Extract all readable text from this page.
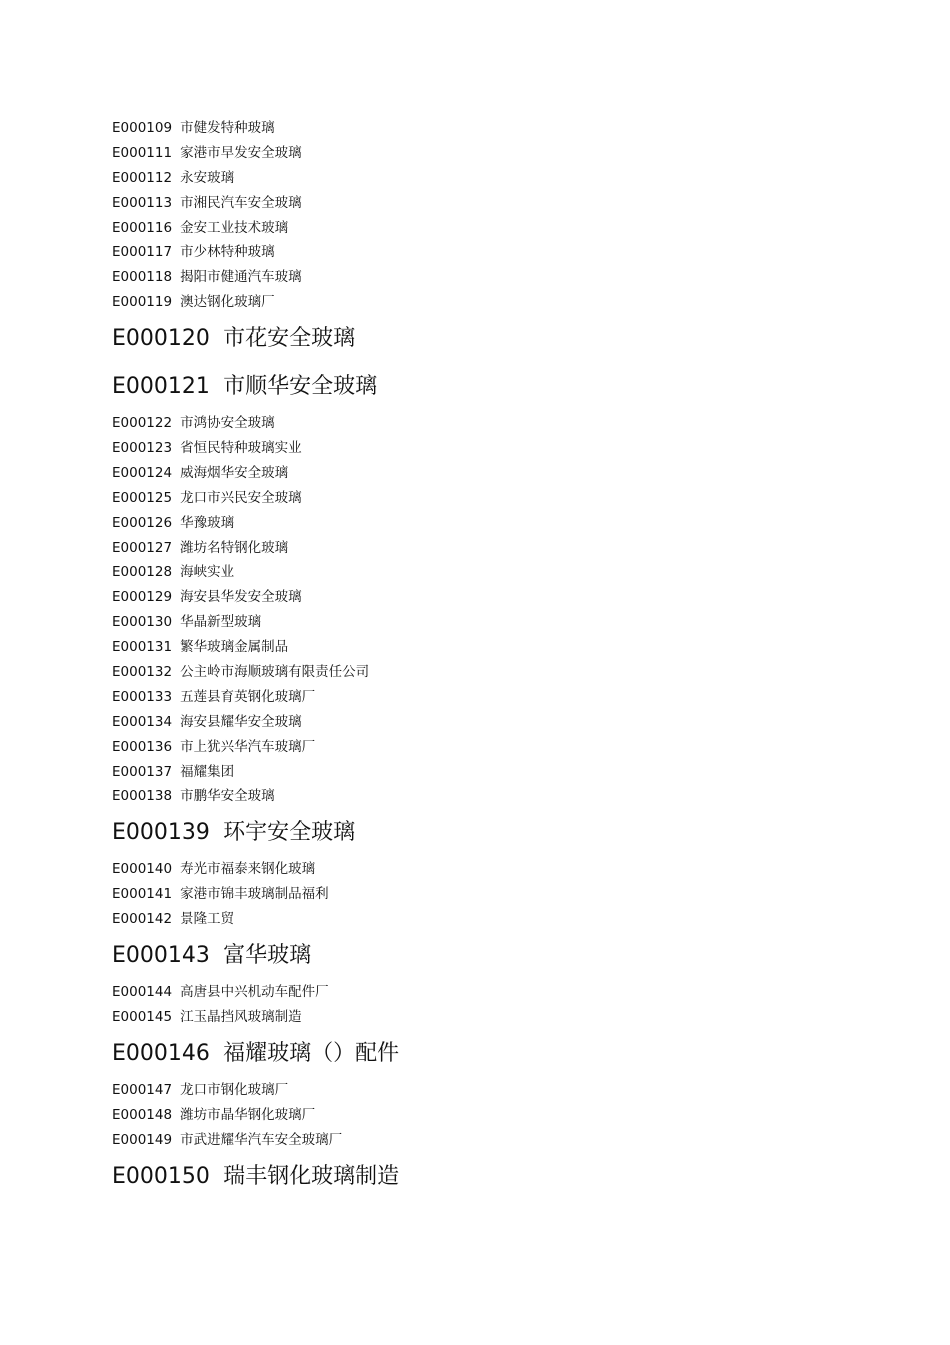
E000109 市健发特种玻璃
E000111 家港市早发安全玻璃
E000112 永安玻璃
E000113 市湘民汽车安全玻璃
E000116 金安工业技术玻璃
E000117 市少林特种玻璃
E000118 揭阳市健通汽车玻璃
E000119 澳达钢化玻璃厂
E000120 市花安全玻璃
E000121 市顺华安全玻璃
E000122 市鸿协安全玻璃
E000123 省恒民特种玻璃实业
E000124 威海烟华安全玻璃
E000125 龙口市兴民安全玻璃
E000126 华豫玻璃
E000127 潍坊名特钢化玻璃
E000128 海峡实业
E000129 海安县华发安全玻璃
E000130 华晶新型玻璃
E000131 繁华玻璃金属制品
E000132 公主岭市海顺玻璃有限责任公司
E000133 五莲县育英钢化玻璃厂
E000134 海安县耀华安全玻璃
E000136 市上犹兴华汽车玻璃厂
E000137 福耀集团
E000138 市鹏华安全玻璃
E000139 环宇安全玻璃
E000140 寿光市福泰来钢化玻璃
E000141 家港市锦丰玻璃制品福利
E000142 景隆工贸
E000143 富华玻璃
E000144 高唐县中兴机动车配件厂
E000145 江玉晶挡风玻璃制造
E000146 福耀玻璃（）配件
E000147 龙口市钢化玻璃厂
E000148 潍坊市晶华钢化玻璃厂
E000149 市武进耀华汽车安全玻璃厂
E000150 瑞丰钢化玻璃制造
